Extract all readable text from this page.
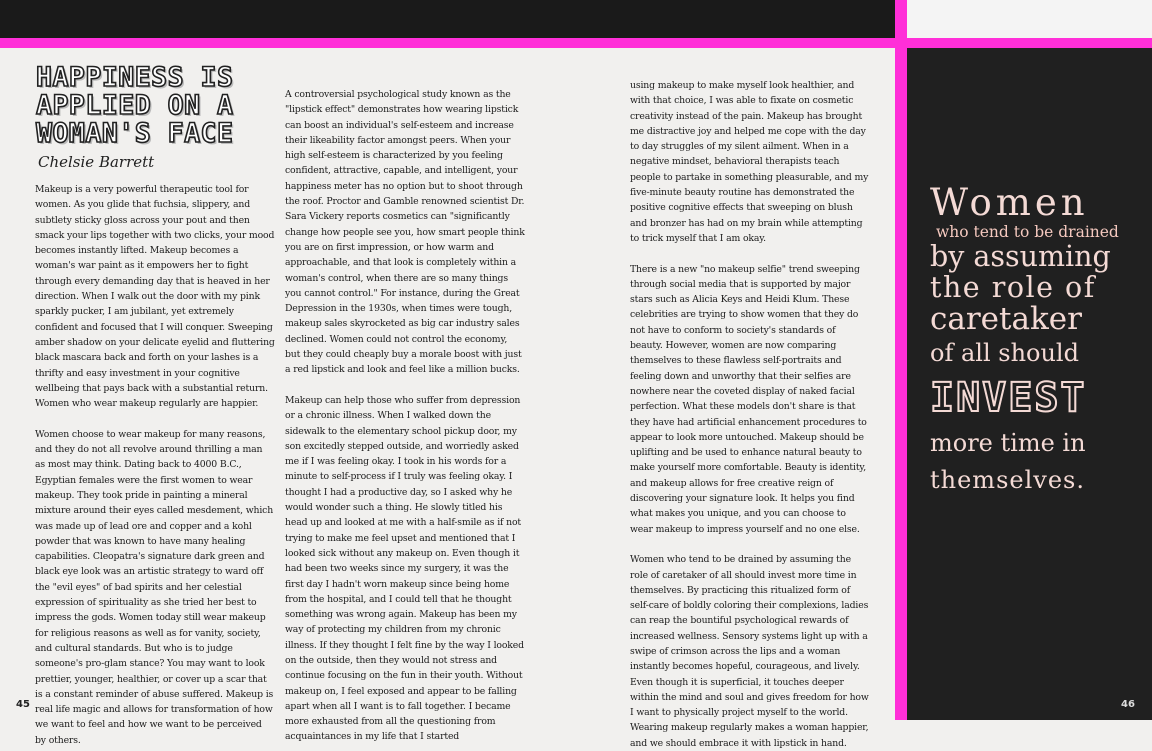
HAPPINESS IS
APPLIED ON A
WOMAN'S FACE
Chelsie Barrett

Makeup is a very powerful therapeutic tool for women. As you glide that fuchsia, slippery, and subtlety sticky gloss across your pout and then smack your lips together with two clicks, your mood becomes instantly lifted. Makeup becomes a woman's war paint as it empowers her to fight through every demanding day that is heaved in her direction. When I walk out the door with my pink sparkly pucker, I am jubilant, yet extremely confident and focused that I will conquer. Sweeping amber shadow on your delicate eyelid and fluttering black mascara back and forth on your lashes is a thrifty and easy investment in your cognitive wellbeing that pays back with a substantial return. Women who wear makeup regularly are happier.

Women choose to wear makeup for many reasons, and they do not all revolve around thrilling a man as most may think. Dating back to 4000 B.C., Egyptian females were the first women to wear makeup. They took pride in painting a mineral mixture around their eyes called mesdement, which was made up of lead ore and copper and a kohl powder that was known to have many healing capabilities. Cleopatra's signature dark green and black eye look was an artistic strategy to ward off the "evil eyes" of bad spirits and her celestial expression of spirituality as she tried her best to impress the gods. Women today still wear makeup for religious reasons as well as for vanity, society, and cultural standards. But who is to judge someone's pro-glam stance? You may want to look prettier, younger, healthier, or cover up a scar that is a constant reminder of abuse suffered. Makeup is real life magic and allows for transformation of how we want to feel and how we want to be perceived by others.

A controversial psychological study known as the "lipstick effect" demonstrates how wearing lipstick can boost an individual's self-esteem and increase their likeability factor amongst peers. When your high self-esteem is characterized by you feeling confident, attractive, capable, and intelligent, your happiness meter has no option but to shoot through the roof. Proctor and Gamble renowned scientist Dr. Sara Vickery reports cosmetics can "significantly change how people see you, how smart people think you are on first impression, or how warm and approachable, and that look is completely within a woman's control, when there are so many things you cannot control." For instance, during the Great Depression in the 1930s, when times were tough, makeup sales skyrocketed as big car industry sales declined. Women could not control the economy, but they could cheaply buy a morale boost with just a red lipstick and look and feel like a million bucks.

Makeup can help those who suffer from depression or a chronic illness. When I walked down the sidewalk to the elementary school pickup door, my son excitedly stepped outside, and worriedly asked me if I was feeling okay. I took in his words for a minute to self-process if I truly was feeling okay. I thought I had a productive day, so I asked why he would wonder such a thing. He slowly titled his head up and looked at me with a half-smile as if not trying to make me feel upset and mentioned that I looked sick without any makeup on. Even though it had been two weeks since my surgery, it was the first day I hadn't worn makeup since being home from the hospital, and I could tell that he thought something was wrong again. Makeup has been my way of protecting my children from my chronic illness. If they thought I felt fine by the way I looked on the outside, then they would not stress and continue focusing on the fun in their youth. Without makeup on, I feel exposed and appear to be falling apart when all I want is to fall together. I became more exhausted from all the questioning from acquaintances in my life that I started

using makeup to make myself look healthier, and with that choice, I was able to fixate on cosmetic creativity instead of the pain. Makeup has brought me distractive joy and helped me cope with the day to day struggles of my silent ailment. When in a negative mindset, behavioral therapists teach people to partake in something pleasurable, and my five-minute beauty routine has demonstrated the positive cognitive effects that sweeping on blush and bronzer has had on my brain while attempting to trick myself that I am okay.

There is a new "no makeup selfie" trend sweeping through social media that is supported by major stars such as Alicia Keys and Heidi Klum. These celebrities are trying to show women that they do not have to conform to society's standards of beauty. However, women are now comparing themselves to these flawless self-portraits and feeling down and unworthy that their selfies are nowhere near the coveted display of naked facial perfection. What these models don't share is that they have had artificial enhancement procedures to appear to look more untouched. Makeup should be uplifting and be used to enhance natural beauty to make yourself more comfortable. Beauty is identity, and makeup allows for free creative reign of discovering your signature look. It helps you find what makes you unique, and you can choose to wear makeup to impress yourself and no one else.

Women who tend to be drained by assuming the role of caretaker of all should invest more time in themselves. By practicing this ritualized form of self-care of boldly coloring their complexions, ladies can reap the bountiful psychological rewards of increased wellness. Sensory systems light up with a swipe of crimson across the lips and a woman instantly becomes hopeful, courageous, and lively. Even though it is superficial, it touches deeper within the mind and soul and gives freedom for how I want to physically project myself to the world. Wearing makeup regularly makes a woman happier, and we should embrace it with lipstick in hand.

Women
who tend to be drained
by assuming
the role of
caretaker
of all should
INVEST
more time in
themselves.
45	46
